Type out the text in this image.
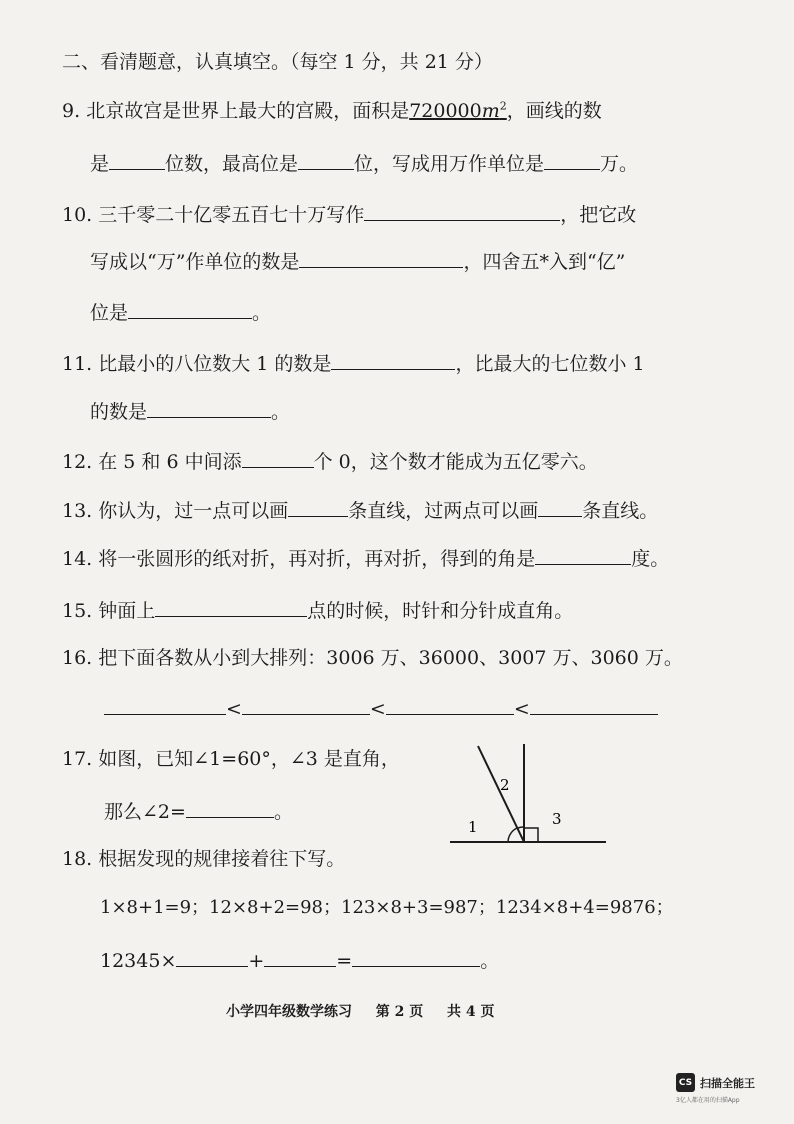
二、看清题意，认真填空。（每空 1 分，共 21 分）
9. 北京故宫是世界上最大的宫殿，面积是$720000m^2$，画线的数
是	位数，最高位是	位，写成用万作单位是	万。
10. 三千零二十亿零五百七十万写作	，把它改
写成以“万”作单位的数是	，四舍五*入到“亿”
位是	。
11. 比最小的八位数大 1 的数是	，比最大的七位数小 1
的数是	。
12. 在 5 和 6 中间添	个 0，这个数才能成为五亿零六。
13. 你认为，过一点可以画	条直线，过两点可以画 条直线。
14. 将一张圆形的纸对折，再对折，再对折，得到的角是	度。
15. 钟面上	点的时候，时针和分针成直角。
16. 把下面各数从小到大排列：3006 万、36000、3007 万、3060 万。
<	<	<
17. 如图，已知∠1=60°，∠3 是直角，
那么∠2=	。
1
2
3
18. 根据发现的规律接着往下写。
1×8+1=9；12×8+2=98；123×8+3=987；1234×8+4=9876；
12345×	+	=	。
小学四年级数学练习 第 2 页 共 4 页
CS 扫描全能王
3亿人都在用的扫描App
